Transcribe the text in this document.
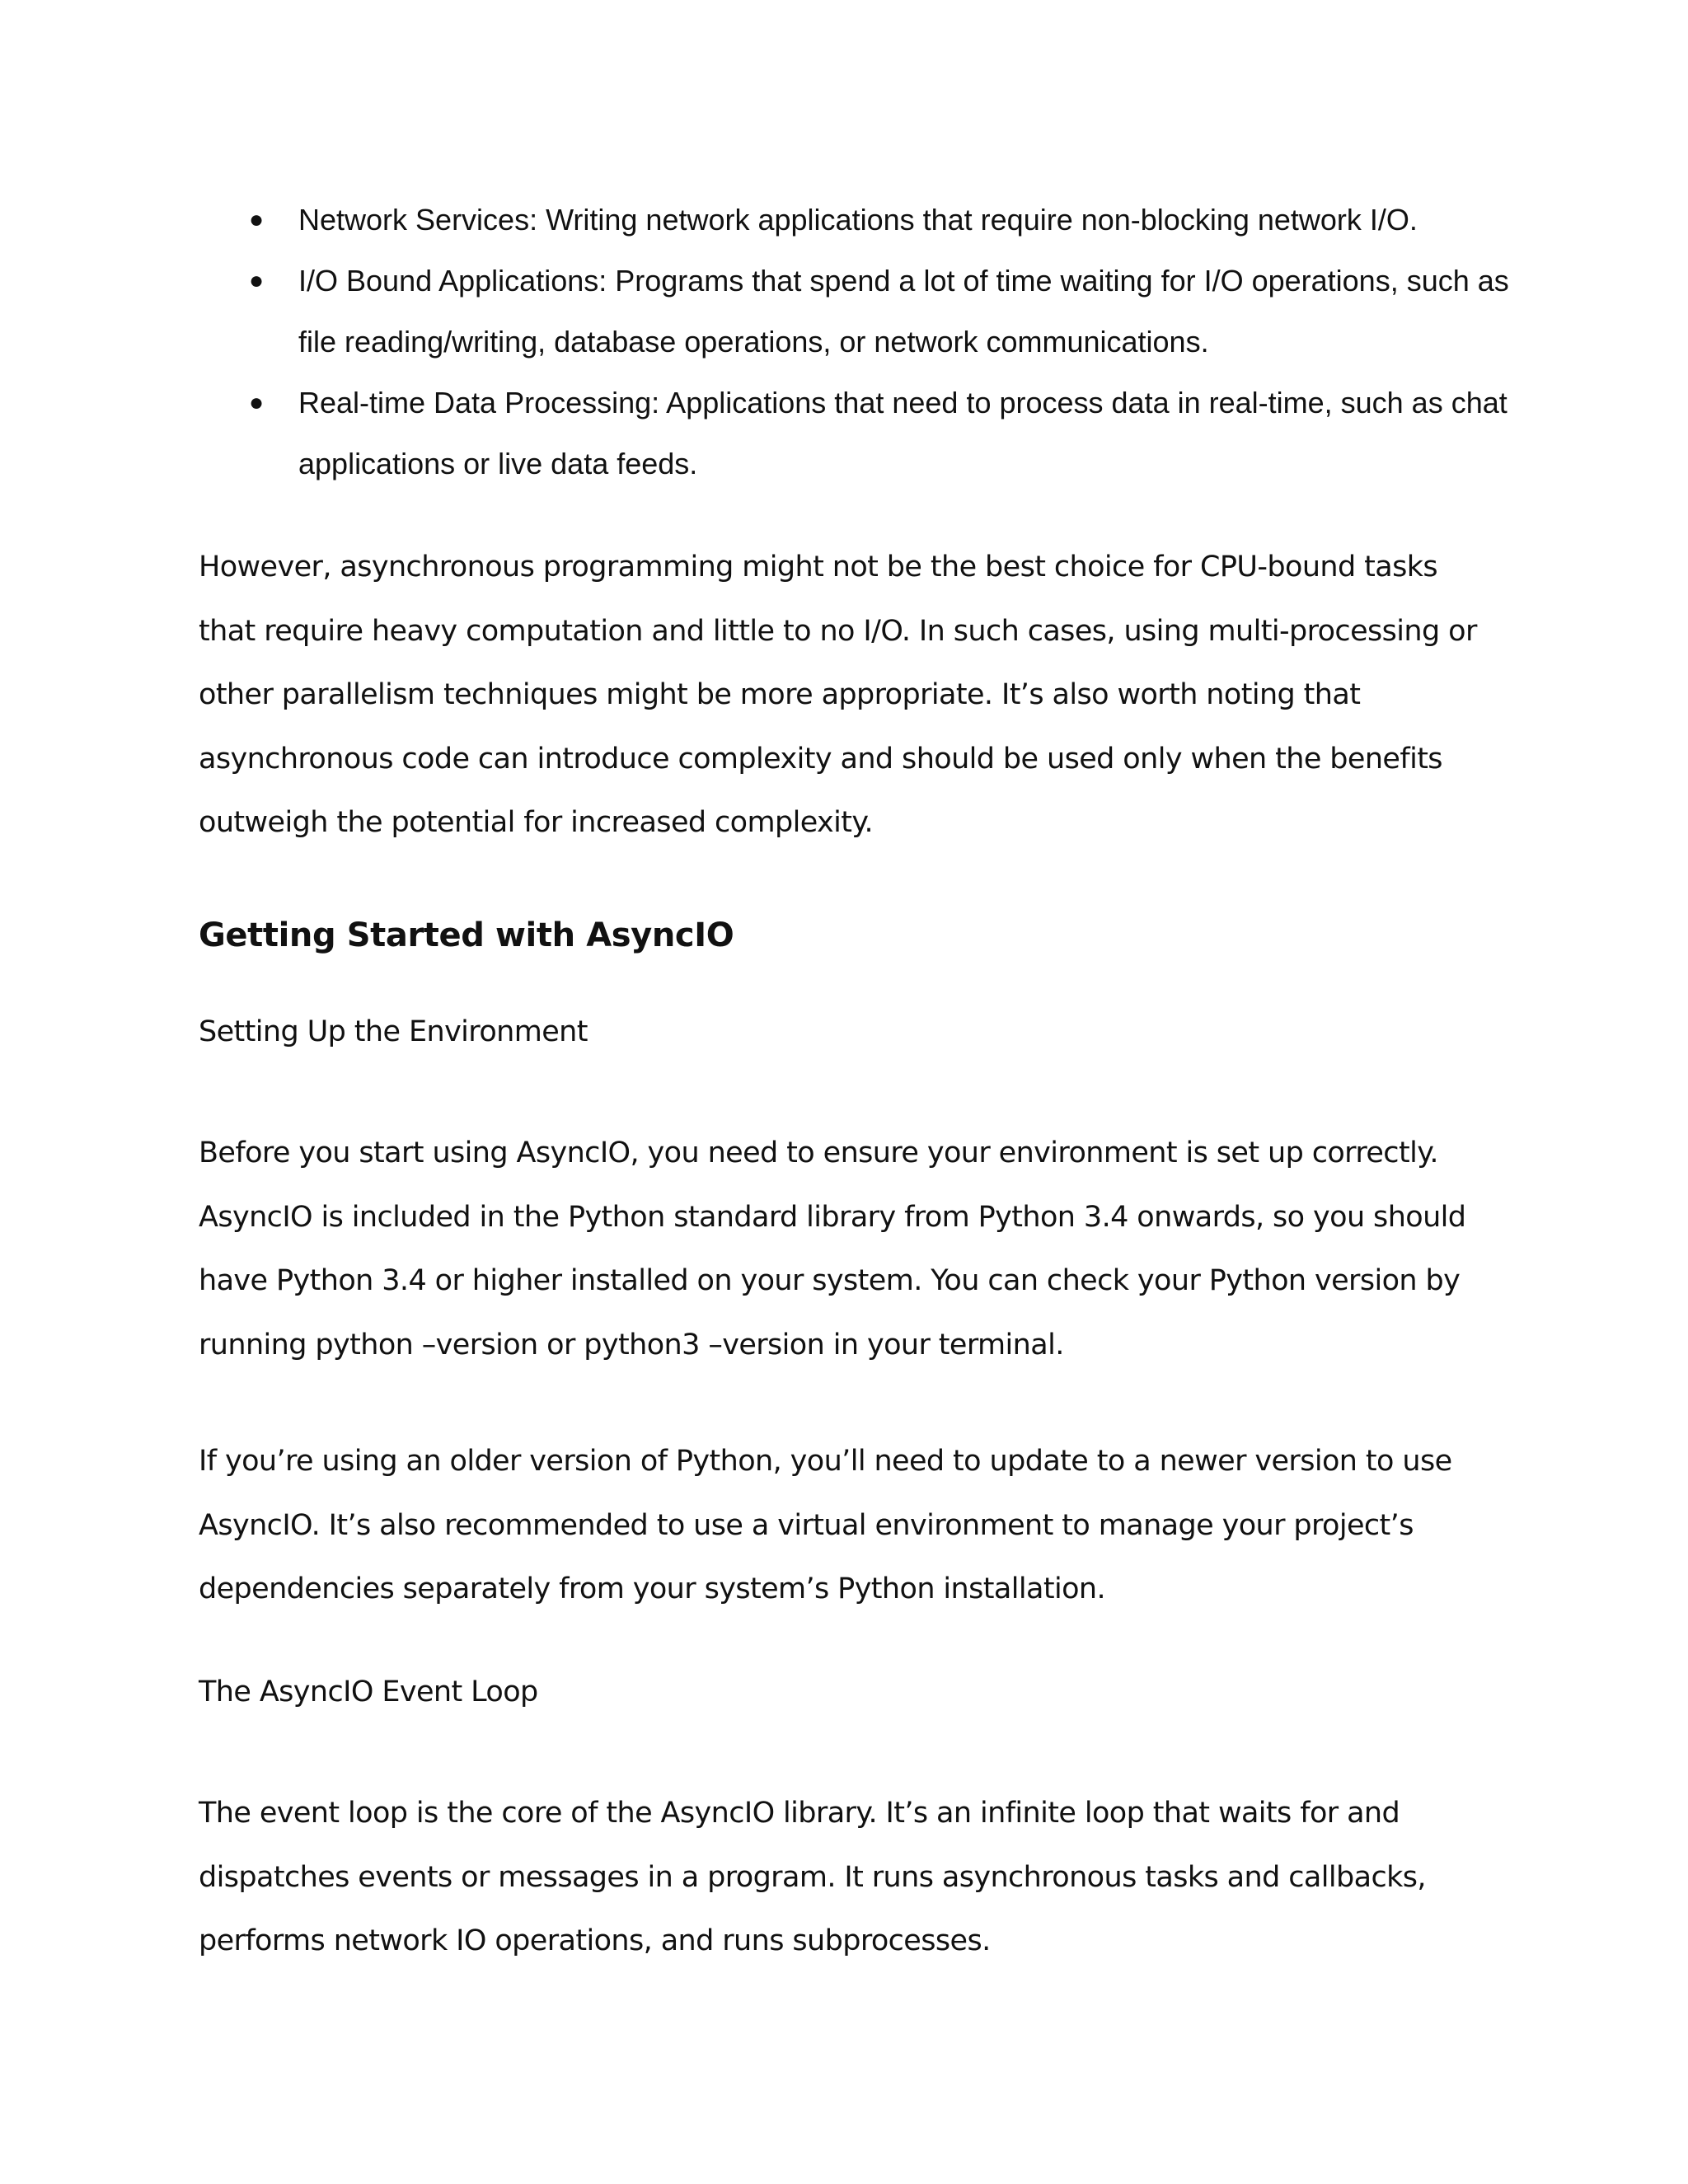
● Network Services: Writing network applications that require non-blocking network I/O.
● I/O Bound Applications: Programs that spend a lot of time waiting for I/O operations, such as file reading/writing, database operations, or network communications.
● Real-time Data Processing: Applications that need to process data in real-time, such as chat applications or live data feeds.

However, asynchronous programming might not be the best choice for CPU-bound tasks that require heavy computation and little to no I/O. In such cases, using multi-processing or other parallelism techniques might be more appropriate. It’s also worth noting that asynchronous code can introduce complexity and should be used only when the benefits outweigh the potential for increased complexity.

Getting Started with AsyncIO

Setting Up the Environment

Before you start using AsyncIO, you need to ensure your environment is set up correctly. AsyncIO is included in the Python standard library from Python 3.4 onwards, so you should have Python 3.4 or higher installed on your system. You can check your Python version by running python –version or python3 –version in your terminal.

If you’re using an older version of Python, you’ll need to update to a newer version to use AsyncIO. It’s also recommended to use a virtual environment to manage your project’s dependencies separately from your system’s Python installation.

The AsyncIO Event Loop

The event loop is the core of the AsyncIO library. It’s an infinite loop that waits for and dispatches events or messages in a program. It runs asynchronous tasks and callbacks, performs network IO operations, and runs subprocesses.
